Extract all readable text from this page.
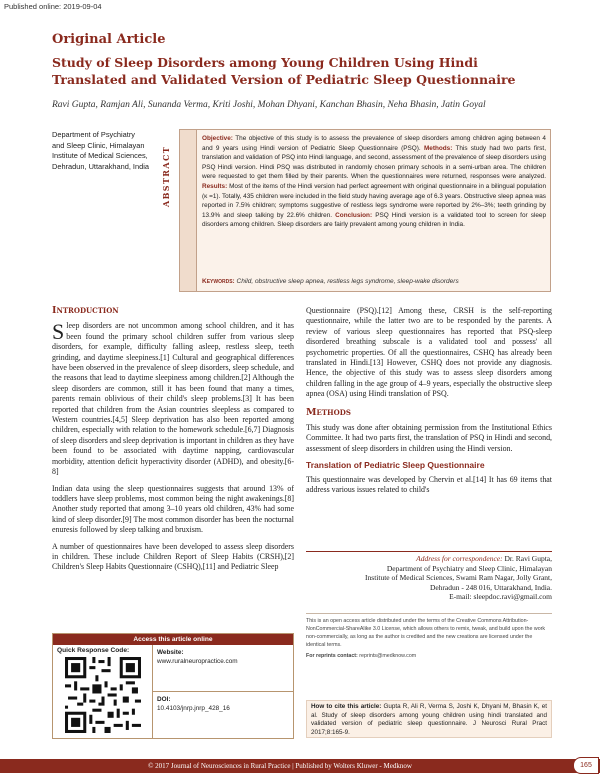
Published online: 2019-09-04
Original Article
Study of Sleep Disorders among Young Children Using Hindi Translated and Validated Version of Pediatric Sleep Questionnaire
Ravi Gupta, Ramjan Ali, Sunanda Verma, Kriti Joshi, Mohan Dhyani, Kanchan Bhasin, Neha Bhasin, Jatin Goyal
Department of Psychiatry
and Sleep Clinic, Himalayan
Institute of Medical Sciences,
Dehradun, Uttarakhand, India	ABSTRACT
Objective: The objective of this study is to assess the prevalence of sleep disorders among children aging between 4 and 9 years using Hindi version of Pediatric Sleep Questionnaire (PSQ). Methods: This study had two parts first, translation and validation of PSQ into Hindi language, and second, assessment of the prevalence of sleep disorders using PSQ Hindi version. Hindi PSQ was distributed in randomly chosen primary schools in a semi-urban area. The children were requested to get them filled by their parents. When the questionnaires were returned, responses were analyzed. Results: Most of the items of the Hindi version had perfect agreement with original questionnaire in a bilingual population (κ =1). Totally, 435 children were included in the field study having average age of 6.3 years. Obstructive sleep apnea was reported in 7.5% children; symptoms suggestive of restless legs syndrome were reported by 2%–3%; teeth grinding by 13.9% and sleep talking by 22.6% children. Conclusion: PSQ Hindi version is a validated tool to screen for sleep disorders among children. Sleep disorders are fairly prevalent among young children in India.
Keywords: Child, obstructive sleep apnea, restless legs syndrome, sleep-wake disorders
Introduction

Sleep disorders are not uncommon among school children, and it has been found the primary school children suffer from various sleep disorders, for example, difficulty falling asleep, restless sleep, teeth grinding, and daytime sleepiness.[1] Cultural and geographical differences have been observed in the prevalence of sleep disorders, sleep schedule, and the reasons that lead to daytime sleepiness among children.[2] Although the sleep disorders are common, still it has been found that many a times, parents remain oblivious of their child's sleep problems.[3] It has been reported that children from the Asian countries sleepless as compared to Western countries.[4,5] Sleep deprivation has also been reported among children, especially with relation to the homework schedule.[6,7] Diagnosis of sleep disorders and sleep deprivation is important in children as they have been found to be associated with daytime napping, cardiovascular morbidity, attention deficit hyperactivity disorder (ADHD), and obesity.[6-8]

Indian data using the sleep questionnaires suggests that around 13% of toddlers have sleep problems, most common being the night awakenings.[8] Another study reported that among 3–10 years old children, 43% had some kind of sleep disorder.[9] The most common disorder has been the nocturnal enuresis followed by sleep talking and bruxism.

A number of questionnaires have been developed to assess sleep disorders in children. These include Children Report of Sleep Habits (CRSH),[2] Children's Sleep Habits Questionnaire (CSHQ),[11] and Pediatric Sleep

Questionnaire (PSQ).[12] Among these, CRSH is the self-reporting questionnaire, while the latter two are to be responded by the parents. A review of various sleep questionnaires has reported that PSQ-sleep disordered breathing subscale is a validated tool and possess' all psychometric properties. Of all the questionnaires, CSHQ has already been translated in Hindi.[13] However, CSHQ does not provide any diagnosis. Hence, the objective of this study was to assess sleep disorders among children falling in the age group of 4–9 years, especially the obstructive sleep apnea (OSA) using Hindi translation of PSQ.

Methods

This study was done after obtaining permission from the Institutional Ethics Committee. It had two parts first, the translation of PSQ in Hindi and second, assessment of sleep disorders in children using the Hindi version.

Translation of Pediatric Sleep Questionnaire

This questionnaire was developed by Chervin et al.[14] It has 69 items that address various issues related to child's

Access this article online
Quick Response Code:	Website:
www.ruralneuropractice.com
DOI:
10.4103/jnrp.jnrp_428_16
Address for correspondence: Dr. Ravi Gupta,
Department of Psychiatry and Sleep Clinic, Himalayan
Institute of Medical Sciences, Swami Ram Nagar, Jolly Grant,
Dehradun - 248 016, Uttarakhand, India.
E-mail: sleepdoc.ravi@gmail.com

This is an open access article distributed under the terms of the Creative Commons Attribution-NonCommercial-ShareAlike 3.0 License, which allows others to remix, tweak, and build upon the work non-commercially, as long as the author is credited and the new creations are licensed under the identical terms.

For reprints contact: reprints@medknow.com

How to cite this article: Gupta R, Ali R, Verma S, Joshi K, Dhyani M, Bhasin K, et al. Study of sleep disorders among young children using hindi translated and validated version of pediatric sleep questionnaire. J Neurosci Rural Pract 2017;8:165-9.
© 2017 Journal of Neurosciences in Rural Practice | Published by Wolters Kluwer - Medknow	165
